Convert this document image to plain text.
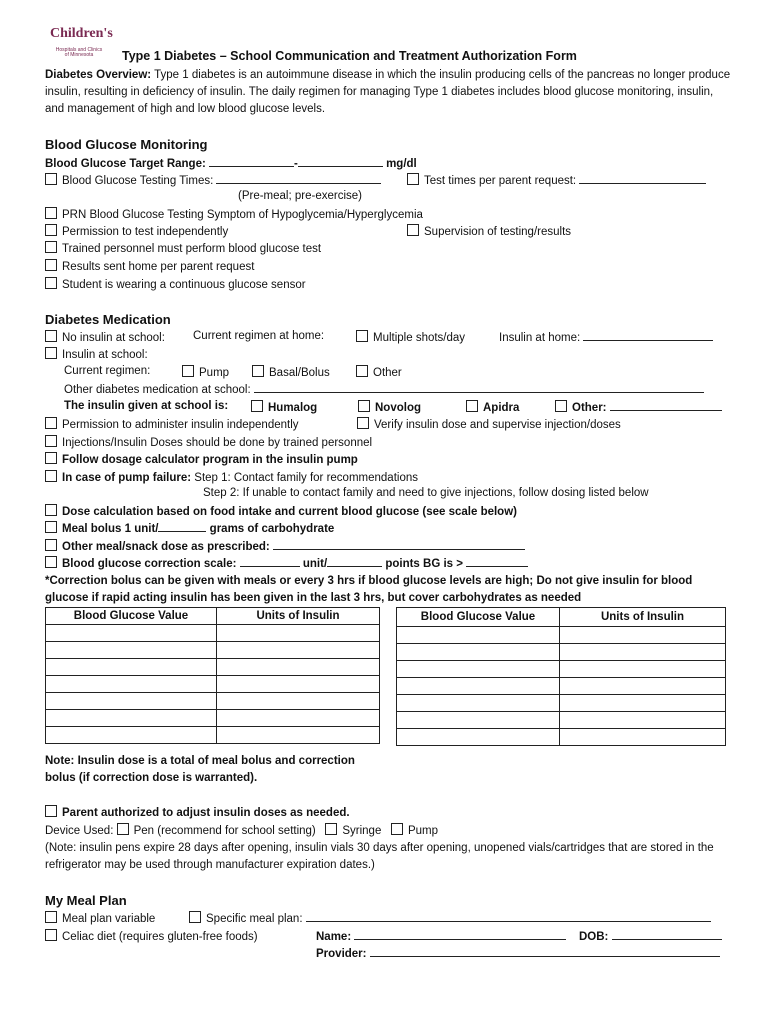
Children's
Hospitals and Clinics
of Minnesota	Type 1 Diabetes – School Communication and Treatment Authorization Form
Diabetes Overview: Type 1 diabetes is an autoimmune disease in which the insulin producing cells of the pancreas no longer produce insulin, resulting in deficiency of insulin. The daily regimen for managing Type 1 diabetes includes blood glucose monitoring, insulin, and management of high and low blood glucose levels.
Blood Glucose Monitoring
Blood Glucose Target Range:	-	mg/dl
Blood Glucose Testing Times:	Test times per parent request:
(Pre-meal; pre-exercise)
PRN Blood Glucose Testing Symptom of Hypoglycemia/Hyperglycemia
Permission to test independently	Supervision of testing/results
Trained personnel must perform blood glucose test
Results sent home per parent request
Student is wearing a continuous glucose sensor
Diabetes Medication
No insulin at school: Current regimen at home:	Multiple shots/day	Insulin at home:
Insulin at school:
Current regimen:	Pump	Basal/Bolus	Other
Other diabetes medication at school:
The insulin given at school is:	Humalog	Novolog	Apidra	Other:
Permission to administer insulin independently	Verify insulin dose and supervise injection/doses
Injections/Insulin Doses should be done by trained personnel
Follow dosage calculator program in the insulin pump
In case of pump failure: Step 1: Contact family for recommendations
Step 2: If unable to contact family and need to give injections, follow dosing listed below
Dose calculation based on food intake and current blood glucose (see scale below)
Meal bolus 1 unit/	grams of carbohydrate
Other meal/snack dose as prescribed:
Blood glucose correction scale:	unit/	points BG is >
*Correction bolus can be given with meals or every 3 hrs if blood glucose levels are high; Do not give insulin for blood glucose if rapid acting insulin has been given in the last 3 hrs, but cover carbohydrates as needed
Blood Glucose Value	Units of Insulin

		Blood Glucose Value	Units of Insulin

Note: Insulin dose is a total of meal bolus and correction bolus (if correction dose is warranted).
Parent authorized to adjust insulin doses as needed.
Device Used: Pen (recommend for school setting) Syringe Pump
(Note: insulin pens expire 28 days after opening, insulin vials 30 days after opening, unopened vials/cartridges that are stored in the refrigerator may be used through manufacturer expiration dates.)
My Meal Plan
Meal plan variable	Specific meal plan:
Celiac diet (requires gluten-free foods)	Name:	DOB:
Provider:
